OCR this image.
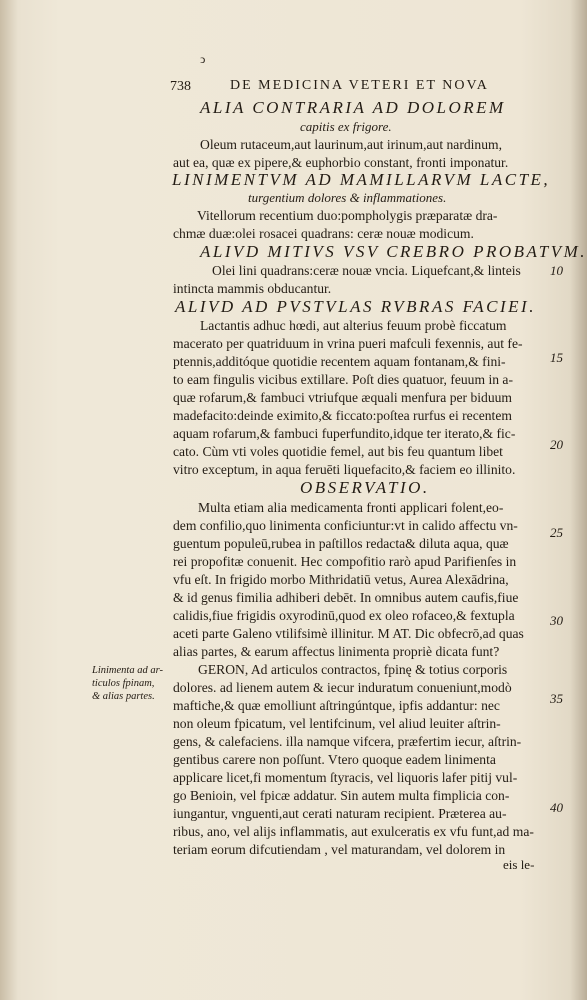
ↄ
738	DE MEDICINA VETERI ET NOVA
ALIA CONTRARIA AD DOLOREM
capitis ex frigore.
Oleum rutaceum,aut laurinum,aut irinum,aut nardinum,
aut ea, quæ ex pipere,& euphorbio constant, fronti imponatur.
LINIMENTVM AD MAMILLARVM LACTE,
turgentium dolores & inflammationes.
Vitellorum recentium duo:pompholygis præparatæ dra-
chmæ duæ:olei rosacei quadrans: ceræ nouæ modicum.
ALIVD MITIVS VSV CREBRO PROBATVM.
Olei lini quadrans:ceræ nouæ vncia. Liquefcant,& linteis	10
intincta mammis obducantur.
ALIVD AD PVSTVLAS RVBRAS FACIEI.
Lactantis adhuc hœdi, aut alterius feuum probè ficcatum
macerato per quatriduum in vrina pueri mafculi fexennis, aut fe-
ptennis,additóque quotidie recentem aquam fontanam,& fini-	15
to eam fingulis vicibus extillare. Poſt dies quatuor, feuum in a-
quæ rofarum,& fambuci vtriufque æquali menfura per biduum
madefacito:deinde eximito,& ficcato:poſtea rurfus ei recentem
aquam rofarum,& fambuci fuperfundito,idque ter iterato,& fic-
cato. Cùm vti voles quotidie femel, aut bis feu quantum libet	20
vitro exceptum, in aqua feruēti liquefacito,& faciem eo illinito.
OBSERVATIO.
Multa etiam alia medicamenta fronti applicari folent,eo-
dem confilio,quo linimenta conficiuntur:vt in calido affectu vn-
guentum populeū,rubea in paſtillos redacta& diluta aqua, quæ
25
rei propofitæ conuenit. Hec compofitio rarò apud Parifienſes in
vfu eſt. In frigido morbo Mithridatiū vetus, Aurea Alexādrina,
& id genus fimilia adhiberi debēt. In omnibus autem caufis,fiue
calidis,fiue frigidis oxyrodinū,quod ex oleo rofaceo,& fextupla
aceti parte Galeno vtilifsimè illinitur. M AT. Dic obfecrō,ad quas
30
alias partes, & earum affectus linimenta propriè dicata funt?
GERON, Ad articulos contractos, fpinę & totius corporis
dolores. ad lienem autem & iecur induratum conueniunt,modò
mafticħe,& quæ emolliunt aſtringúntque, ipfis addantur: nec	35
non oleum fpicatum, vel lentifcinum, vel aliud leuiter aſtrin-
gens, & calefaciens. illa namque vifcera, præfertim iecur, aſtrin-
gentibus carere non poſſunt. Vtero quoque eadem linimenta
applicare licet,fi momentum ſtyracis, vel liquoris lafer pitij vul-
go Benioin, vel fpicæ addatur. Sin autem multa fimplicia con-
iungantur, vnguenti,aut cerati naturam recipient. Præterea au-	40
ribus, ano, vel alijs inflammatis, aut exulceratis ex vfu funt,ad ma-
teriam eorum difcutiendam , vel maturandam, vel dolorem in
Linimenta ad ar-
ticulos fpinam,
& alias partes.
eis le-
